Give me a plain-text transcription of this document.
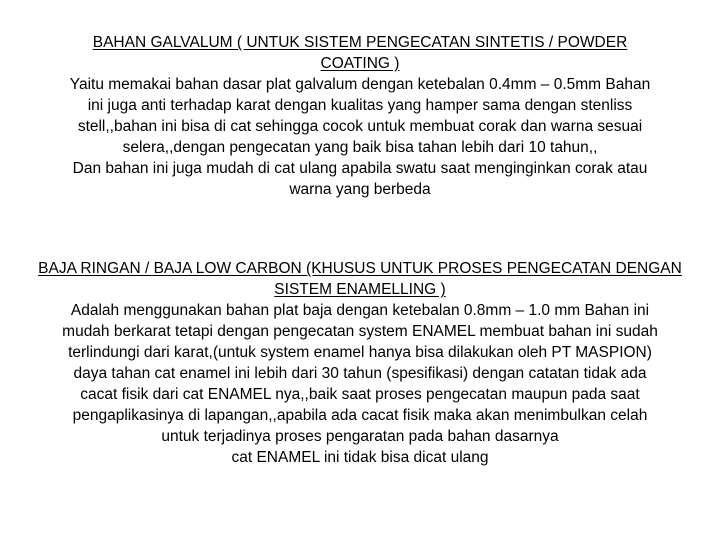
BAHAN GALVALUM ( UNTUK SISTEM PENGECATAN SINTETIS / POWDER
COATING )
Yaitu memakai bahan dasar plat galvalum dengan ketebalan 0.4mm – 0.5mm Bahan
ini juga anti terhadap karat dengan kualitas yang hamper sama dengan stenliss
stell,,bahan ini bisa di cat sehingga cocok untuk membuat corak dan warna sesuai
selera,,dengan pengecatan yang baik bisa tahan lebih dari 10 tahun,,
Dan bahan ini juga mudah di cat ulang apabila swatu saat menginginkan corak atau
warna yang berbeda
BAJA RINGAN / BAJA LOW CARBON (KHUSUS UNTUK PROSES PENGECATAN DENGAN
SISTEM ENAMELLING )
Adalah menggunakan bahan plat baja dengan ketebalan 0.8mm – 1.0 mm Bahan ini
mudah berkarat tetapi dengan pengecatan system ENAMEL membuat bahan ini sudah
terlindungi dari karat,(untuk system enamel hanya bisa dilakukan oleh PT MASPION)
daya tahan cat enamel ini lebih dari 30 tahun (spesifikasi) dengan catatan tidak ada
cacat fisik dari cat ENAMEL nya,,baik saat proses pengecatan maupun pada saat
pengaplikasinya di lapangan,,apabila ada cacat fisik maka akan menimbulkan celah
untuk terjadinya proses pengaratan pada bahan dasarnya
cat ENAMEL ini tidak bisa dicat ulang
